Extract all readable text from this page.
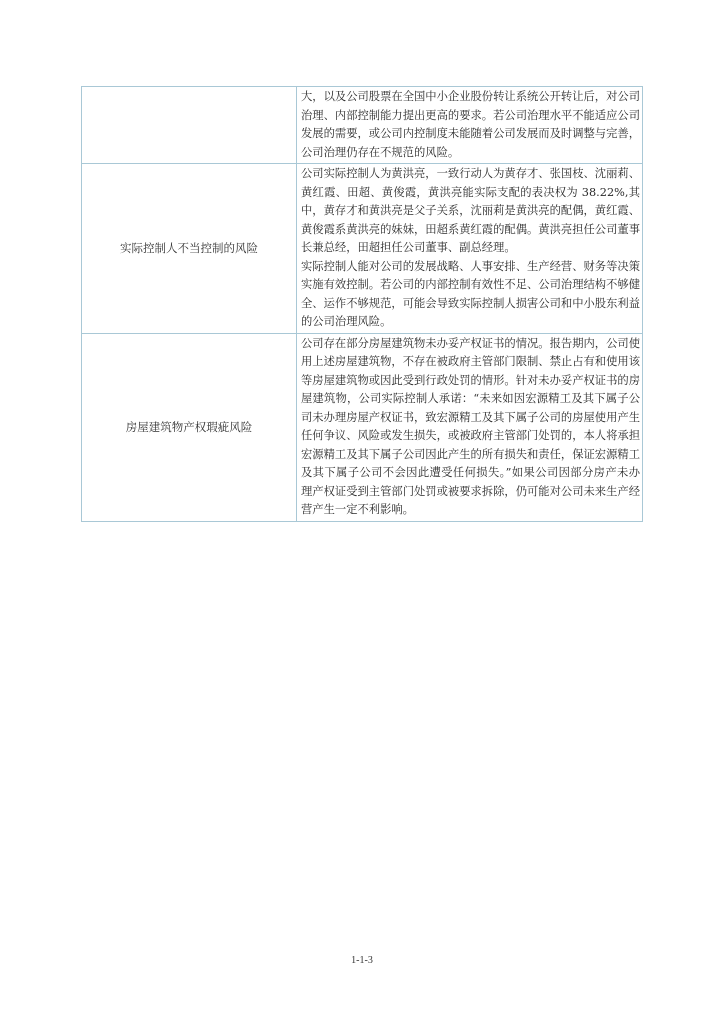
	大，以及公司股票在全国中小企业股份转让系统公开转让后，对公司治理、内部控制能力提出更高的要求。若公司治理水平不能适应公司发展的需要，或公司内控制度未能随着公司发展而及时调整与完善，公司治理仍存在不规范的风险。

实际控制人不当控制的风险	公司实际控制人为黄洪亮，一致行动人为黄存才、张国枝、沈丽莉、黄红霞、田超、黄俊霞，黄洪亮能实际支配的表决权为 38.22%,其中，黄存才和黄洪亮是父子关系，沈丽莉是黄洪亮的配偶，黄红霞、黄俊霞系黄洪亮的妹妹，田超系黄红霞的配偶。黄洪亮担任公司董事长兼总经，田超担任公司董事、副总经理。

实际控制人能对公司的发展战略、人事安排、生产经营、财务等决策实施有效控制。若公司的内部控制有效性不足、公司治理结构不够健全、运作不够规范，可能会导致实际控制人损害公司和中小股东利益的公司治理风险。

房屋建筑物产权瑕疵风险	公司存在部分房屋建筑物未办妥产权证书的情况。报告期内，公司使用上述房屋建筑物，不存在被政府主管部门限制、禁止占有和使用该等房屋建筑物或因此受到行政处罚的情形。针对未办妥产权证书的房屋建筑物，公司实际控制人承诺：“未来如因宏源精工及其下属子公司未办理房屋产权证书，致宏源精工及其下属子公司的房屋使用产生任何争议、风险或发生损失，或被政府主管部门处罚的，本人将承担宏源精工及其下属子公司因此产生的所有损失和责任，保证宏源精工及其下属子公司不会因此遭受任何损失。”如果公司因部分房产未办理产权证受到主管部门处罚或被要求拆除，仍可能对公司未来生产经营产生一定不利影响。

1-1-3
